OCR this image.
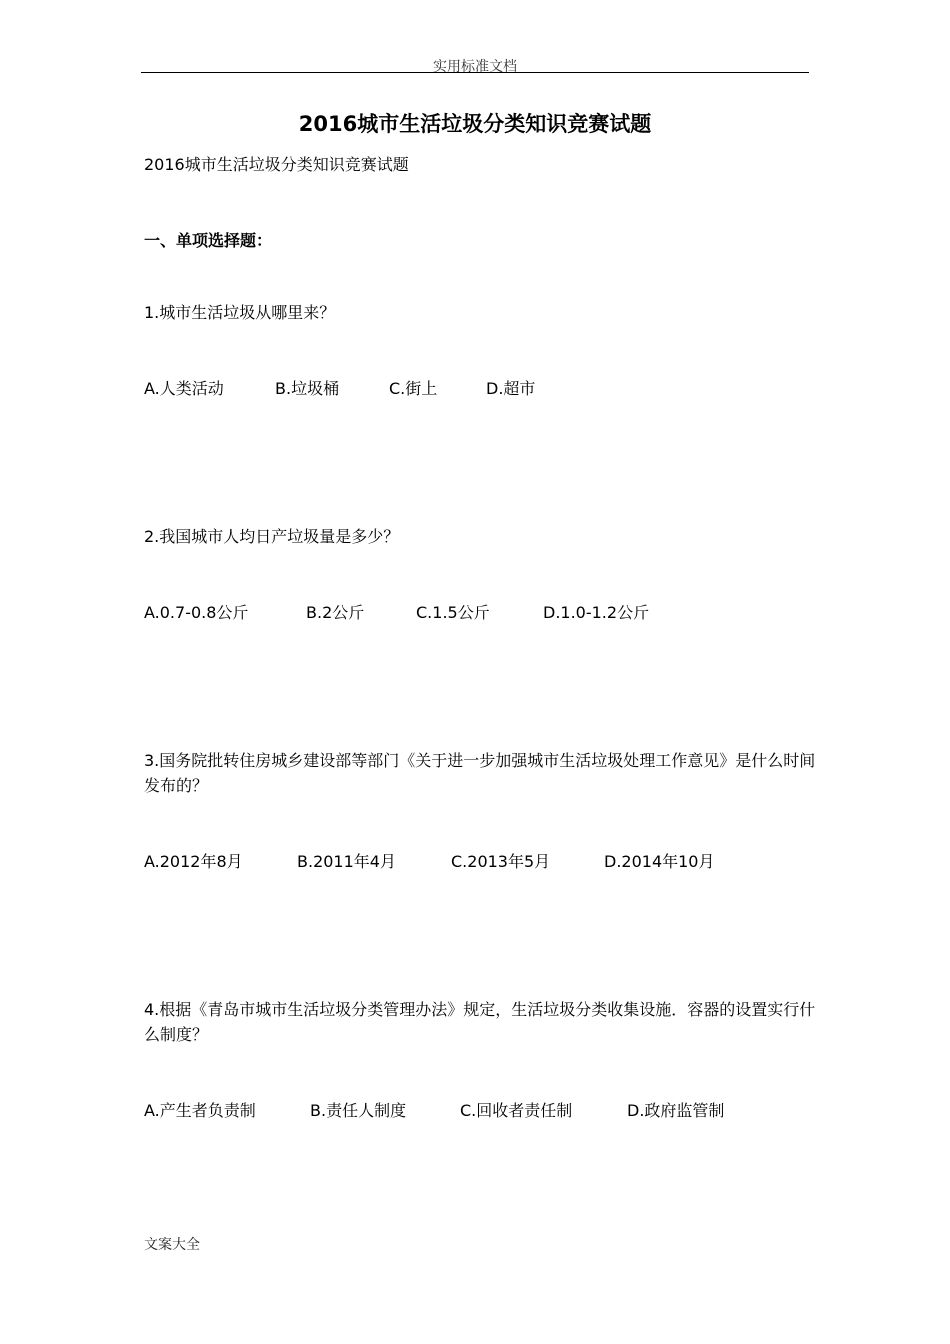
实用标准文档
2016城市生活垃圾分类知识竞赛试题
2016城市生活垃圾分类知识竞赛试题
一、单项选择题：
1.城市生活垃圾从哪里来？
A.人类活动	B.垃圾桶	C.街上	D.超市
2.我国城市人均日产垃圾量是多少？
A.0.7-0.8公斤	B.2公斤	C.1.5公斤	D.1.0-1.2公斤
3.国务院批转住房城乡建设部等部门《关于进一步加强城市生活垃圾处理工作意见》是什么时间发布的？
A.2012年8月	B.2011年4月	C.2013年5月	D.2014年10月
4.根据《青岛市城市生活垃圾分类管理办法》规定，生活垃圾分类收集设施．容器的设置实行什么制度？
A.产生者负责制	B.责任人制度	C.回收者责任制	D.政府监管制
文案大全
